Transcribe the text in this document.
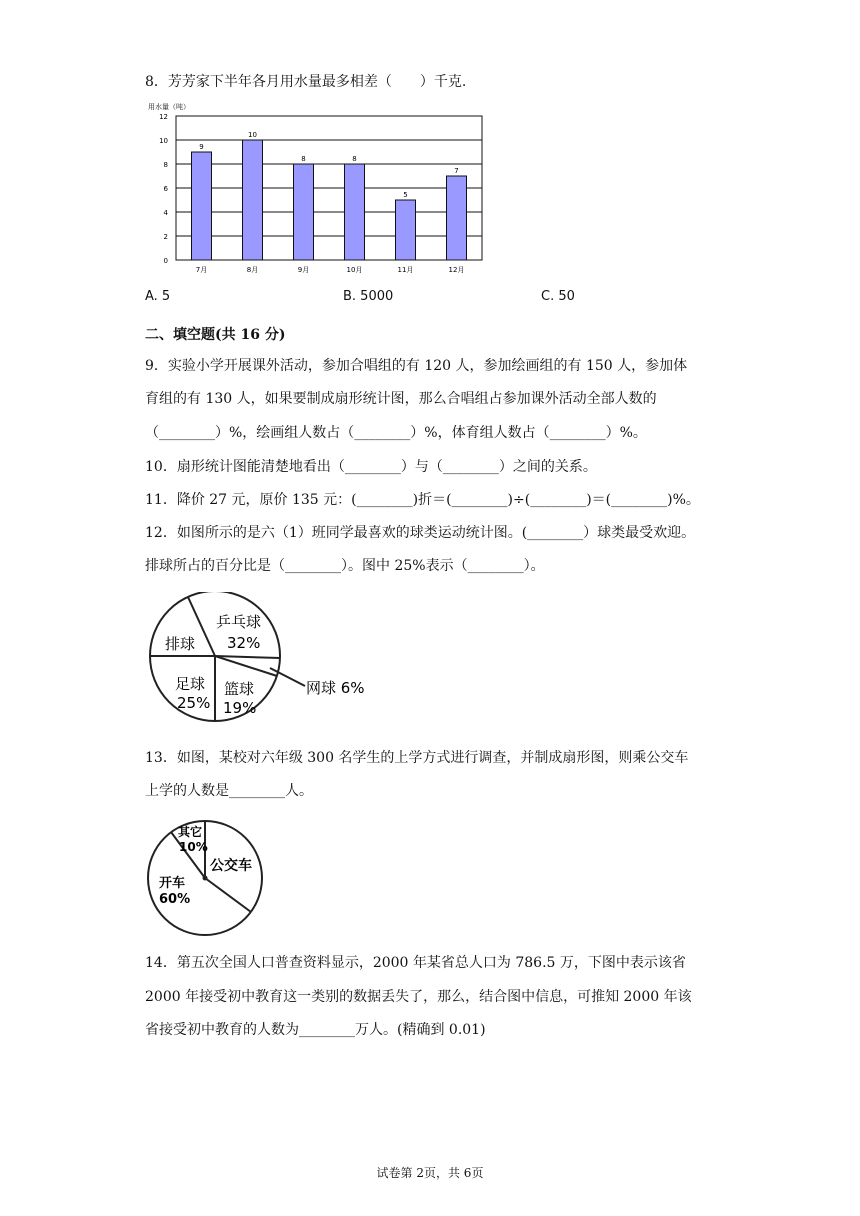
8．芳芳家下半年各月用水量最多相差（　　）千克.
用水量（吨）
0
2
4
6
8
10
12
9
10
8	8
5
7
7月	8月	9月	10月	11月	12月
A. 5	B. 5000	C. 50
二、填空题(共 16 分)
9．实验小学开展课外活动，参加合唱组的有 120 人，参加绘画组的有 150 人，参加体
育组的有 130 人，如果要制成扇形统计图，那么合唱组占参加课外活动全部人数的
（________）%，绘画组人数占（________）%，体育组人数占（________）%。
10．扇形统计图能清楚地看出（________）与（________）之间的关系。
11．降价 27 元，原价 135 元：(________)折＝(________)÷(________)＝(________)%。
12．如图所示的是六（1）班同学最喜欢的球类运动统计图。(________）球类最受欢迎。
排球所占的百分比是（________）。图中 25%表示（________）。
乒乓球
32%
排球
足球
25%
篮球
19%
网球 6%
13．如图，某校对六年级 300 名学生的上学方式进行调查，并制成扇形图，则乘公交车
上学的人数是________人。
其它
10%
公交车
开车
60%
14．第五次全国人口普查资料显示，2000 年某省总人口为 786.5 万，下图中表示该省
2000 年接受初中教育这一类别的数据丢失了，那么，结合图中信息，可推知 2000 年该
省接受初中教育的人数为________万人。(精确到 0.01)
试卷第 2页，共 6页
